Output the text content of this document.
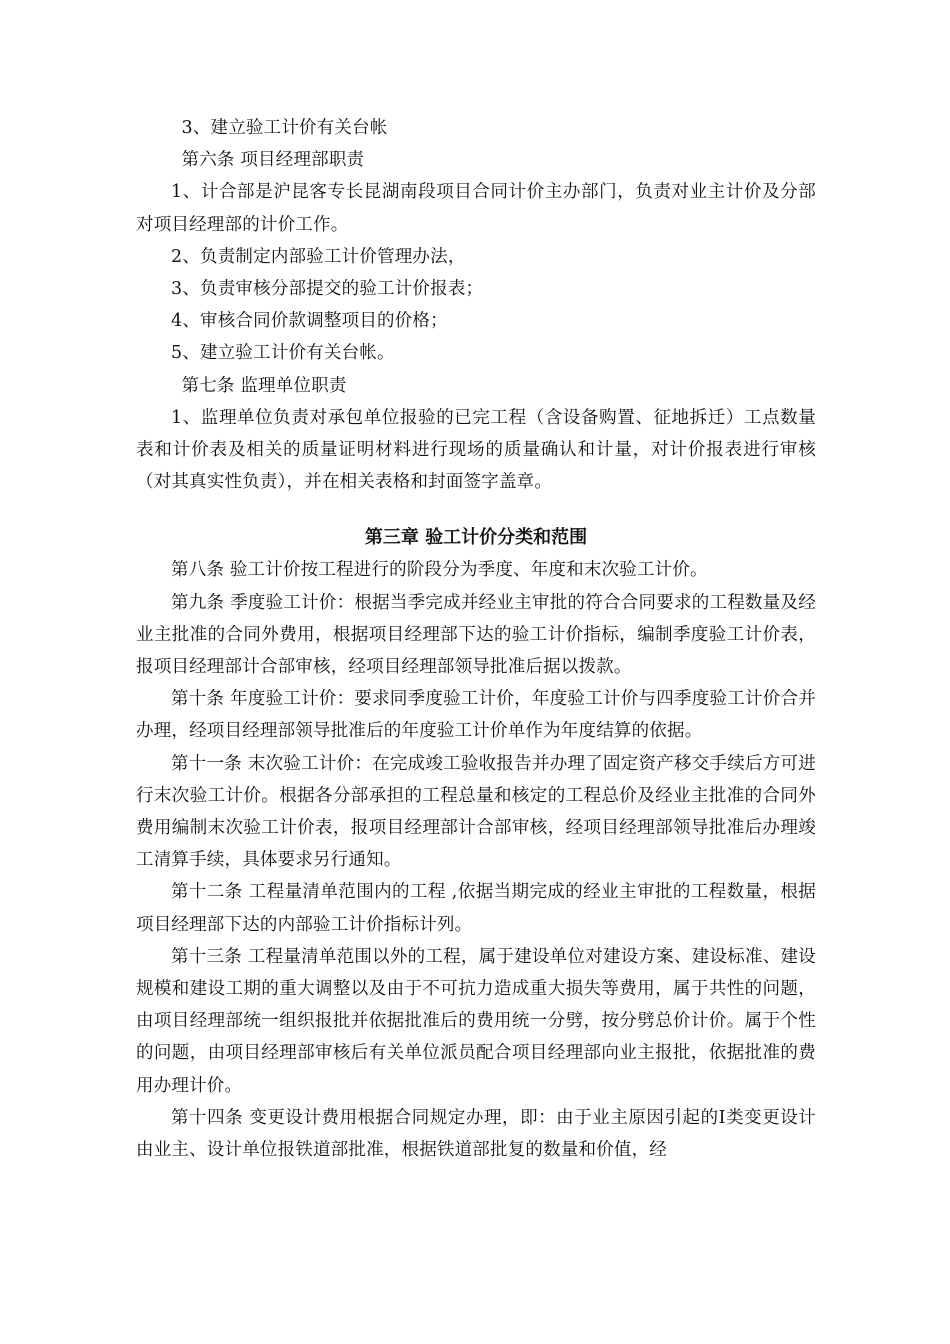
3、建立验工计价有关台帐

第六条 项目经理部职责

1、计合部是沪昆客专长昆湖南段项目合同计价主办部门，负责对业主计价及分部对项目经理部的计价工作。

2、负责制定内部验工计价管理办法，

3、负责审核分部提交的验工计价报表；

4、审核合同价款调整项目的价格；

5、建立验工计价有关台帐。

第七条 监理单位职责

1、监理单位负责对承包单位报验的已完工程（含设备购置、征地拆迁）工点数量表和计价表及相关的质量证明材料进行现场的质量确认和计量，对计价报表进行审核（对其真实性负责），并在相关表格和封面签字盖章。

第三章 验工计价分类和范围

第八条 验工计价按工程进行的阶段分为季度、年度和末次验工计价。

第九条 季度验工计价：根据当季完成并经业主审批的符合合同要求的工程数量及经业主批准的合同外费用，根据项目经理部下达的验工计价指标，编制季度验工计价表，报项目经理部计合部审核，经项目经理部领导批准后据以拨款。

第十条 年度验工计价：要求同季度验工计价，年度验工计价与四季度验工计价合并办理，经项目经理部领导批准后的年度验工计价单作为年度结算的依据。

第十一条 末次验工计价：在完成竣工验收报告并办理了固定资产移交手续后方可进行末次验工计价。根据各分部承担的工程总量和核定的工程总价及经业主批准的合同外费用编制末次验工计价表，报项目经理部计合部审核，经项目经理部领导批准后办理竣工清算手续，具体要求另行通知。

第十二条 工程量清单范围内的工程 ,依据当期完成的经业主审批的工程数量，根据项目经理部下达的内部验工计价指标计列。

第十三条 工程量清单范围以外的工程，属于建设单位对建设方案、建设标准、建设规模和建设工期的重大调整以及由于不可抗力造成重大损失等费用，属于共性的问题，由项目经理部统一组织报批并依据批准后的费用统一分劈，按分劈总价计价。属于个性的问题，由项目经理部审核后有关单位派员配合项目经理部向业主报批，依据批准的费用办理计价。

第十四条 变更设计费用根据合同规定办理，即：由于业主原因引起的Ⅰ类变更设计由业主、设计单位报铁道部批准，根据铁道部批复的数量和价值，经
